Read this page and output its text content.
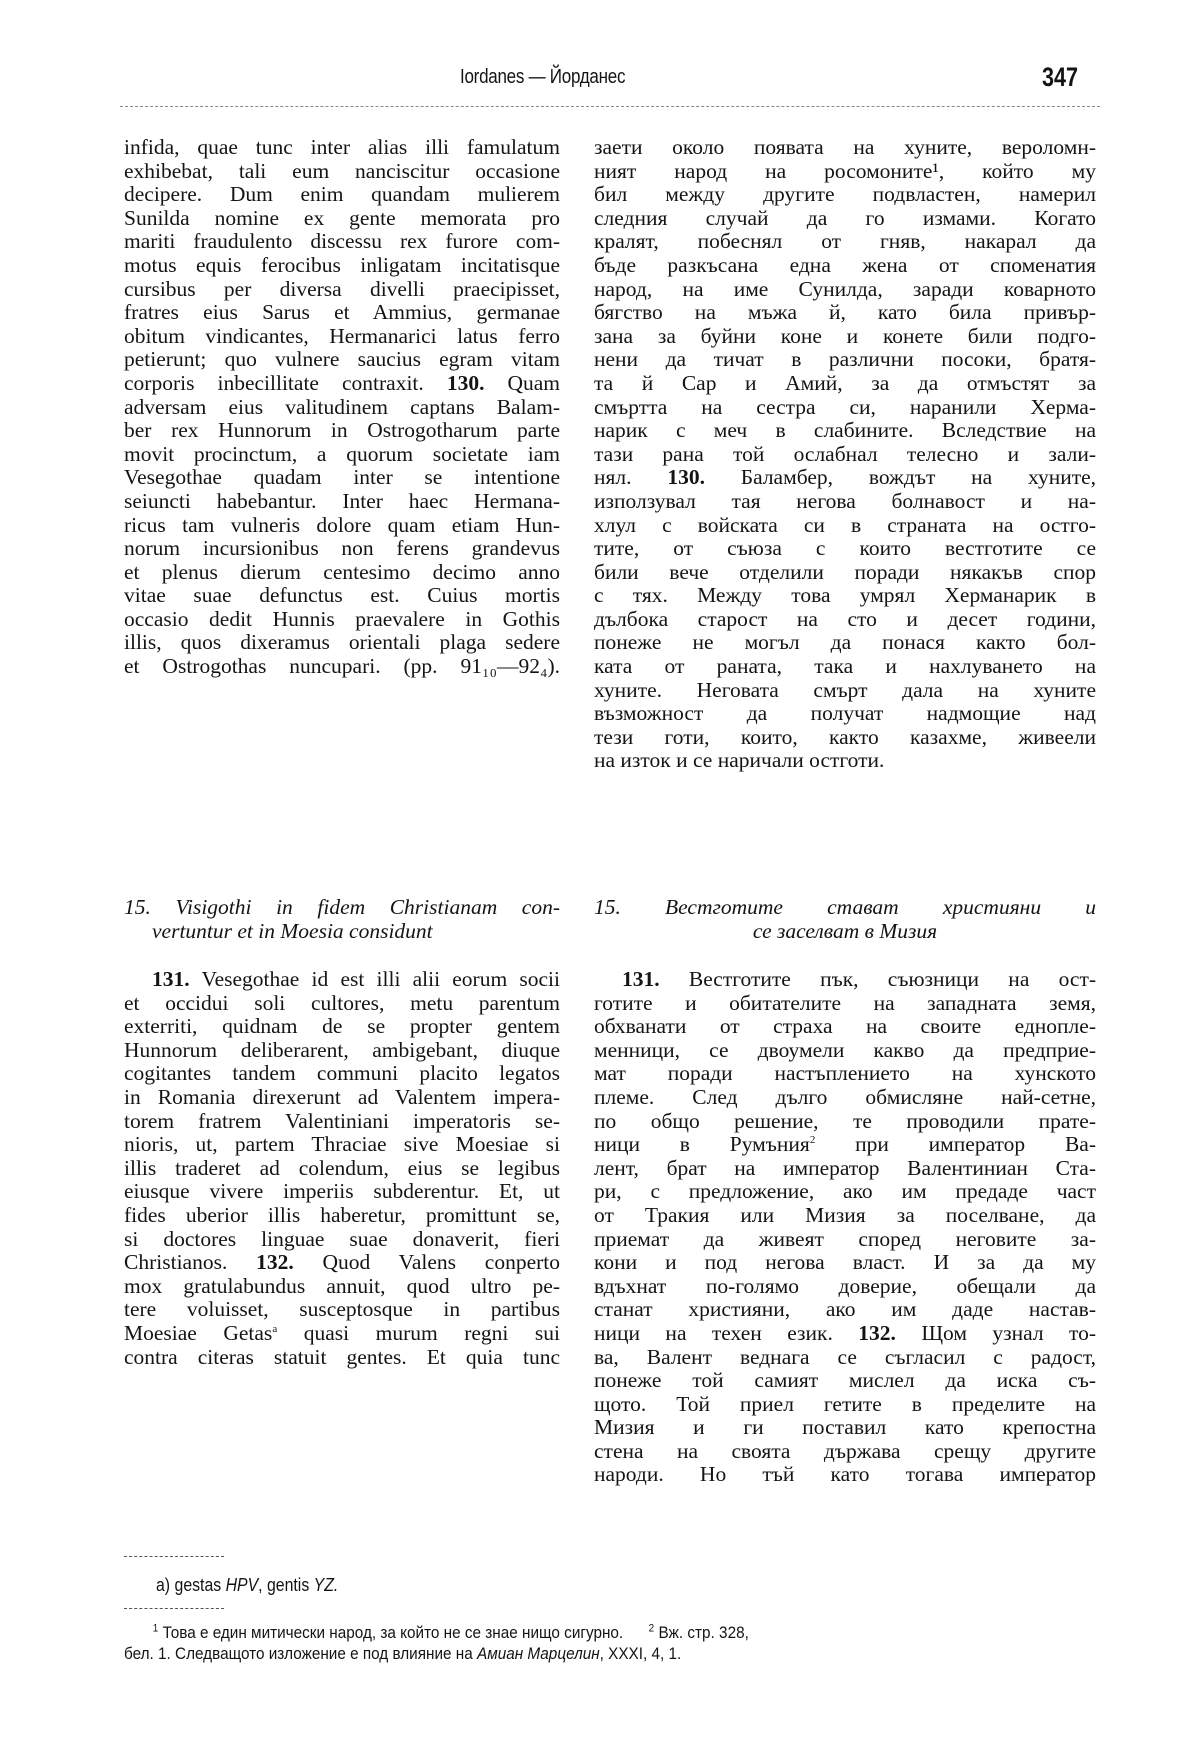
Iordanes — Йорданес	347
infida, quae tunc inter alias illi famulatum
exhibebat, tali eum nanciscitur occasione
decipere. Dum enim quandam mulierem
Sunilda nomine ex gente memorata pro
mariti fraudulento discessu rex furore com-
motus equis ferocibus inligatam incitatisque
cursibus per diversa divelli praecipisset,
fratres eius Sarus et Ammius, germanae
obitum vindicantes, Hermanarici latus ferro
petierunt; quo vulnere saucius egram vitam
corporis inbecillitate contraxit. 130. Quam
adversam eius valitudinem captans Balam-
ber rex Hunnorum in Ostrogotharum parte
movit procinctum, a quorum societate iam
Vesegothae quadam inter se intentione
seiuncti habebantur. Inter haec Hermana-
ricus tam vulneris dolore quam etiam Hun-
norum incursionibus non ferens grandevus
et plenus dierum centesimo decimo anno
vitae suae defunctus est. Cuius mortis
occasio dedit Hunnis praevalere in Gothis
illis, quos dixeramus orientali plaga sedere
et Ostrogothas nuncupari. (pp. 91₁₀—92₄).
заети около появата на хуните, вероломн-
ният народ на росомоните¹, който му
бил между другите подвластен, намерил
следния случай да го измами. Когато
кралят, побеснял от гняв, накарал да
бъде разкъсана една жена от споменатия
народ, на име Сунилда, заради коварното
бягство на мъжа й, като била привър-
зана за буйни коне и конете били подго-
нени да тичат в различни посоки, братя-
та й Сар и Амий, за да отмъстят за
смъртта на сестра си, наранили Херма-
нарик с меч в слабините. Вследствие на
тази рана той ослабнал телесно и зали-
нял. 130. Баламбер, вождът на хуните,
използувал тая негова болнавост и на-
хлул с войската си в страната на остго-
тите, от съюза с които вестготите се
били вече отделили поради някакъв спор
с тях. Между това умрял Херманарик в
дълбока старост на сто и десет години,
понеже не могъл да понася както бол-
ката от раната, така и нахлуването на
хуните. Неговата смърт дала на хуните
възможност да получат надмощие над
тези готи, които, както казахме, живеели
на изток и се наричали остготи.
15. Visigothi in fidem Christianam con-
vertuntur et in Moesia considunt
15. Вестготите стават християни и
се заселват в Мизия
131. Vesegothae id est illi alii eorum socii
et occidui soli cultores, metu parentum
exterriti, quidnam de se propter gentem
Hunnorum deliberarent, ambigebant, diuque
cogitantes tandem communi placito legatos
in Romania direxerunt ad Valentem impera-
torem fratrem Valentiniani imperatoris se-
nioris, ut, partem Thraciae sive Moesiae si
illis traderet ad colendum, eius se legibus
eiusque vivere imperiis subderentur. Et, ut
fides uberior illis haberetur, promittunt se,
si doctores linguae suae donaverit, fieri
Christianos. 132. Quod Valens conperto
mox gratulabundus annuit, quod ultro pe-
tere voluisset, susceptosque in partibus
Moesiae Getas$^a$ quasi murum regni sui
contra citeras statuit gentes. Et quia tunc
131. Вестготите пък, съюзници на ост-
готите и обитателите на западната земя,
обхванати от страха на своите еднопле-
менници, се двоумели какво да предприе-
мат поради настъплението на хунското
племе. След дълго обмисляне най-сетне,
по общо решение, те проводили прате-
ници в Румъния$^2$ при император Ва-
лент, брат на император Валентиниан Ста-
ри, с предложение, ако им предаде част
от Тракия или Мизия за поселване, да
приемат да живеят според неговите за-
кони и под негова власт. И за да му
вдъхнат по-голямо доверие, обещали да
станат християни, ако им даде настав-
ници на техен език. 132. Щом узнал то-
ва, Валент веднага се съгласил с радост,
понеже той самият мислел да иска съ-
щото. Той приел гетите в пределите на
Мизия и ги поставил като крепостна
стена на своята държава срещу другите
народи. Но тъй като тогава император
a) gestas HPV, gentis YZ.
$^1$ Това е един митически народ, за който не се знае нищо сигурно. $^2$ Вж. стр. 328,
бел. 1. Следващото изложение е под влияние на Амиан Марцелин, XXXI, 4, 1.
